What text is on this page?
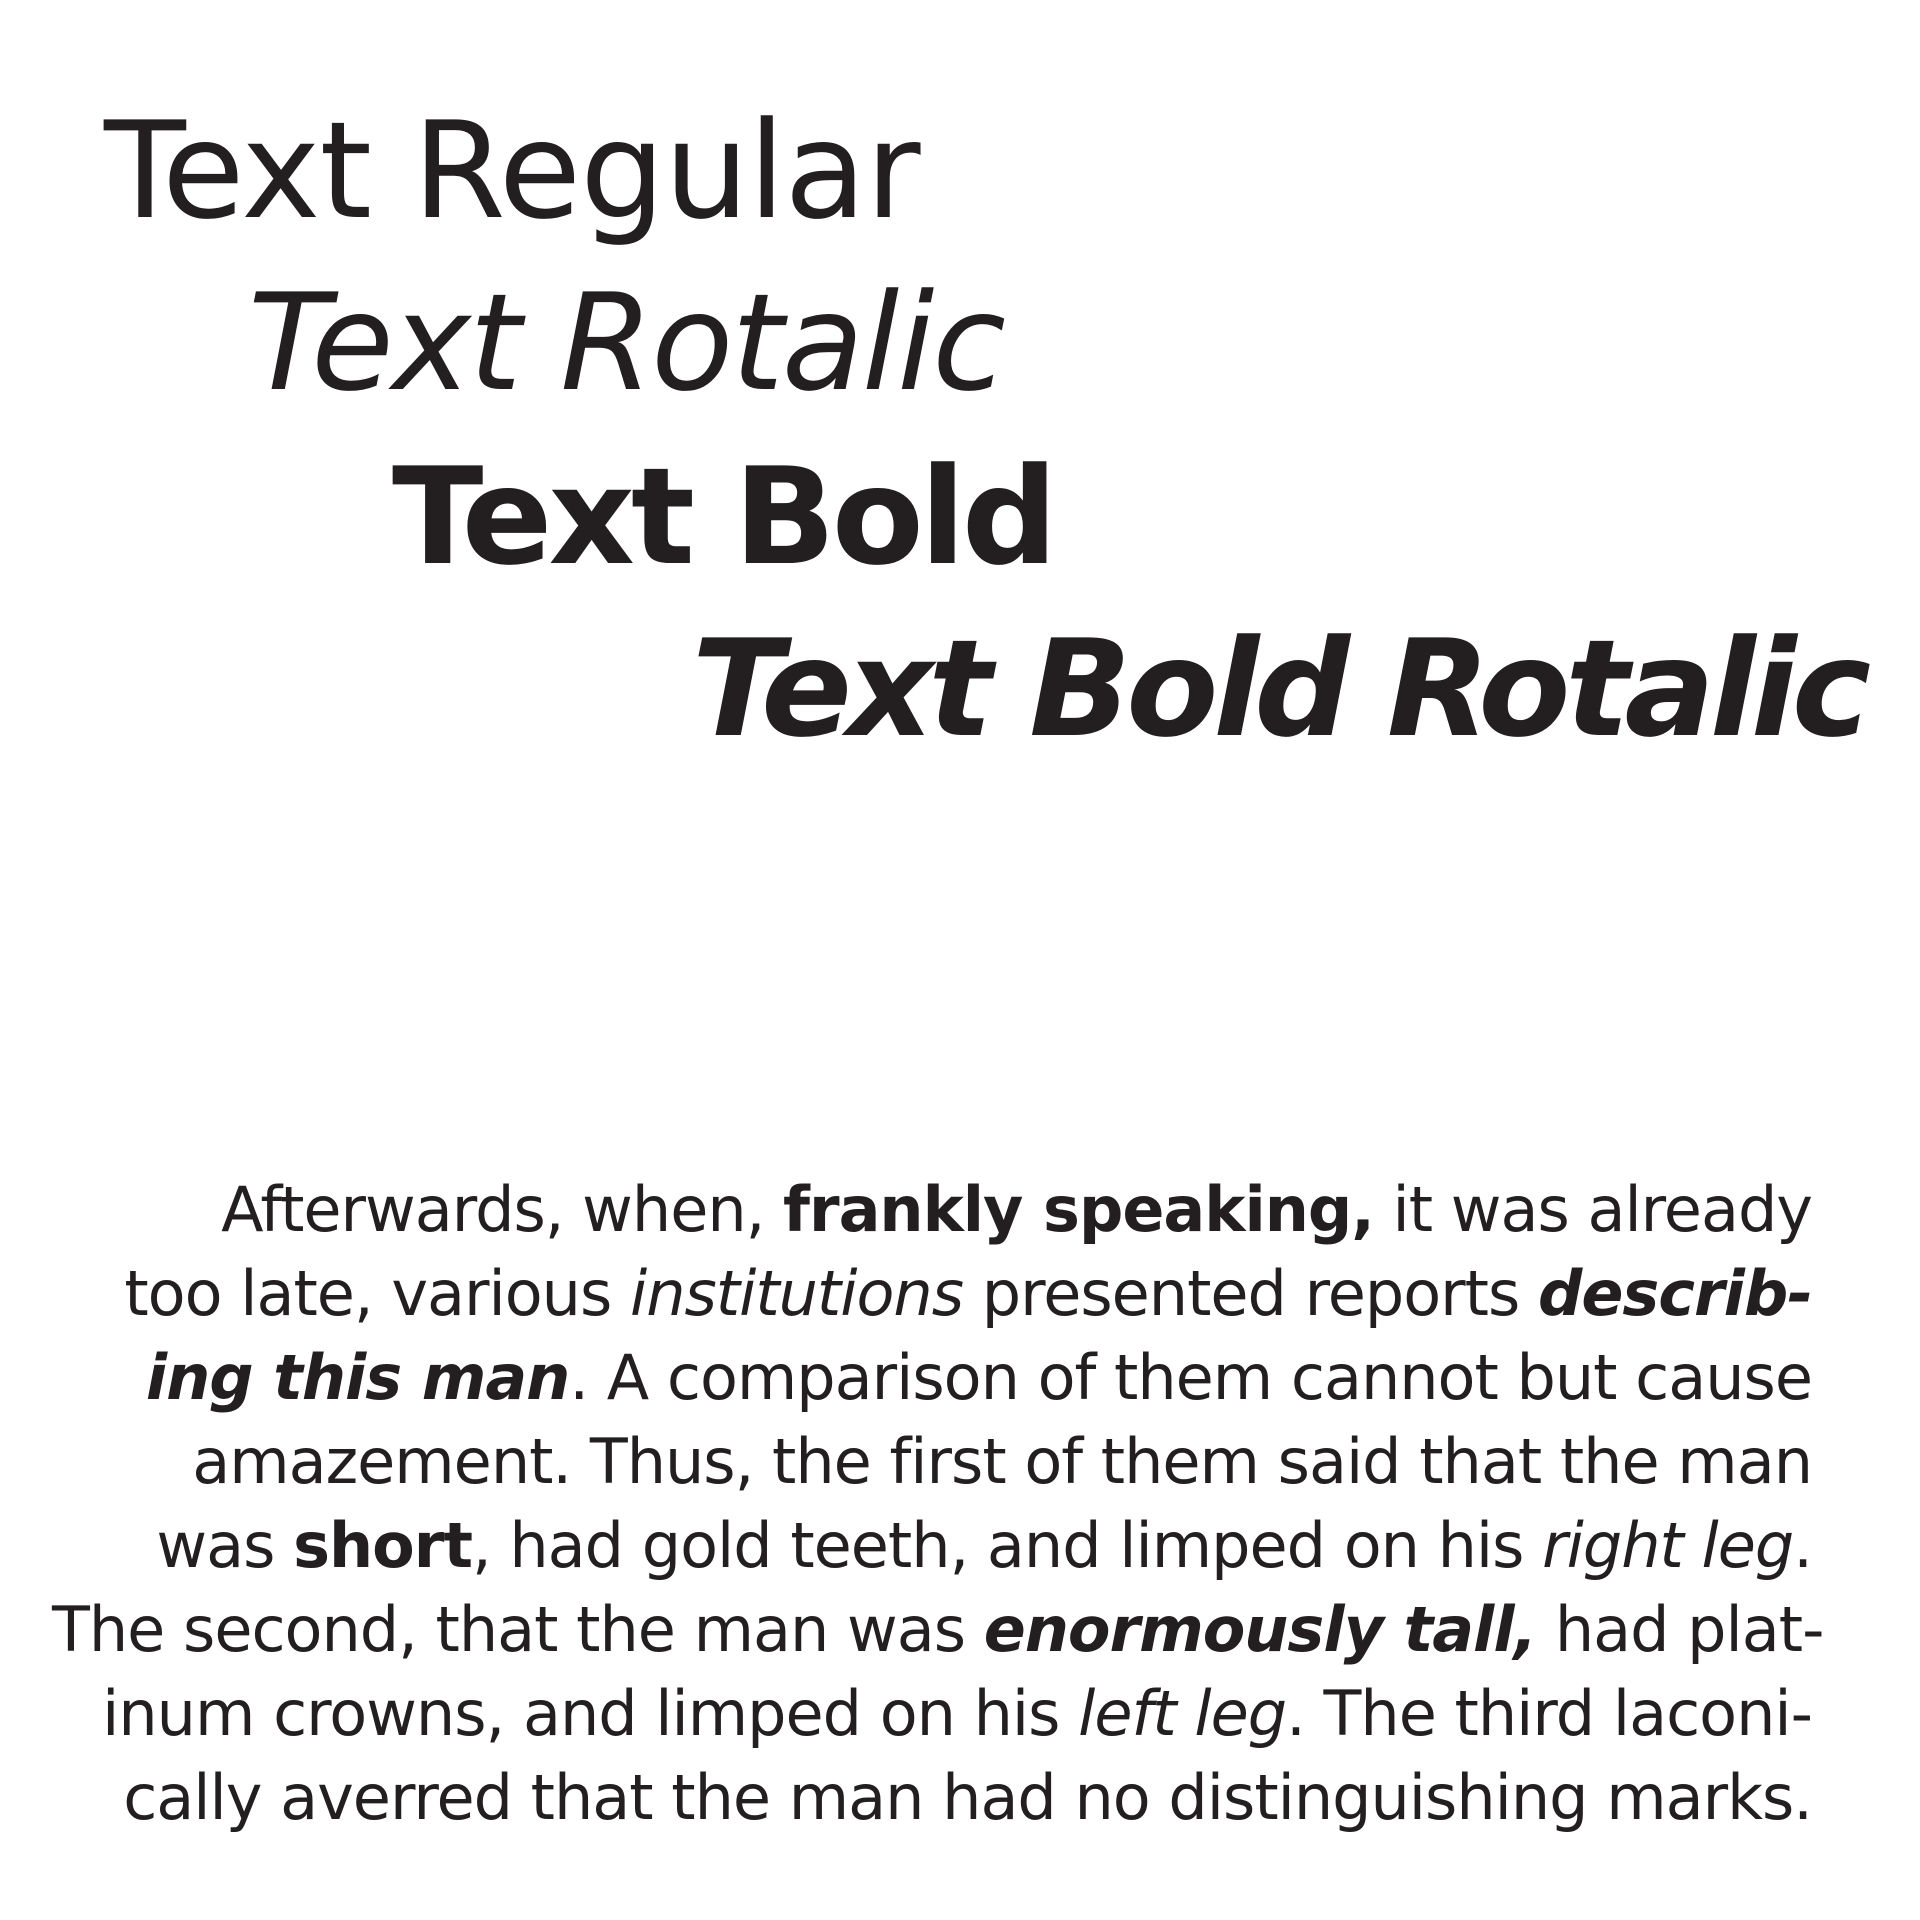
Text Regular
Text Rotalic
Text Bold
Text Bold Rotalic
Afterwards, when, frankly speaking, it was already
too late, various institutions presented reports describ-
ing this man. A comparison of them cannot but cause
amazement. Thus, the first of them said that the man
was short, had gold teeth, and limped on his right leg.
The second, that the man was enormously tall, had plat-
inum crowns, and limped on his left leg. The third laconi-
cally averred that the man had no distinguishing marks.
